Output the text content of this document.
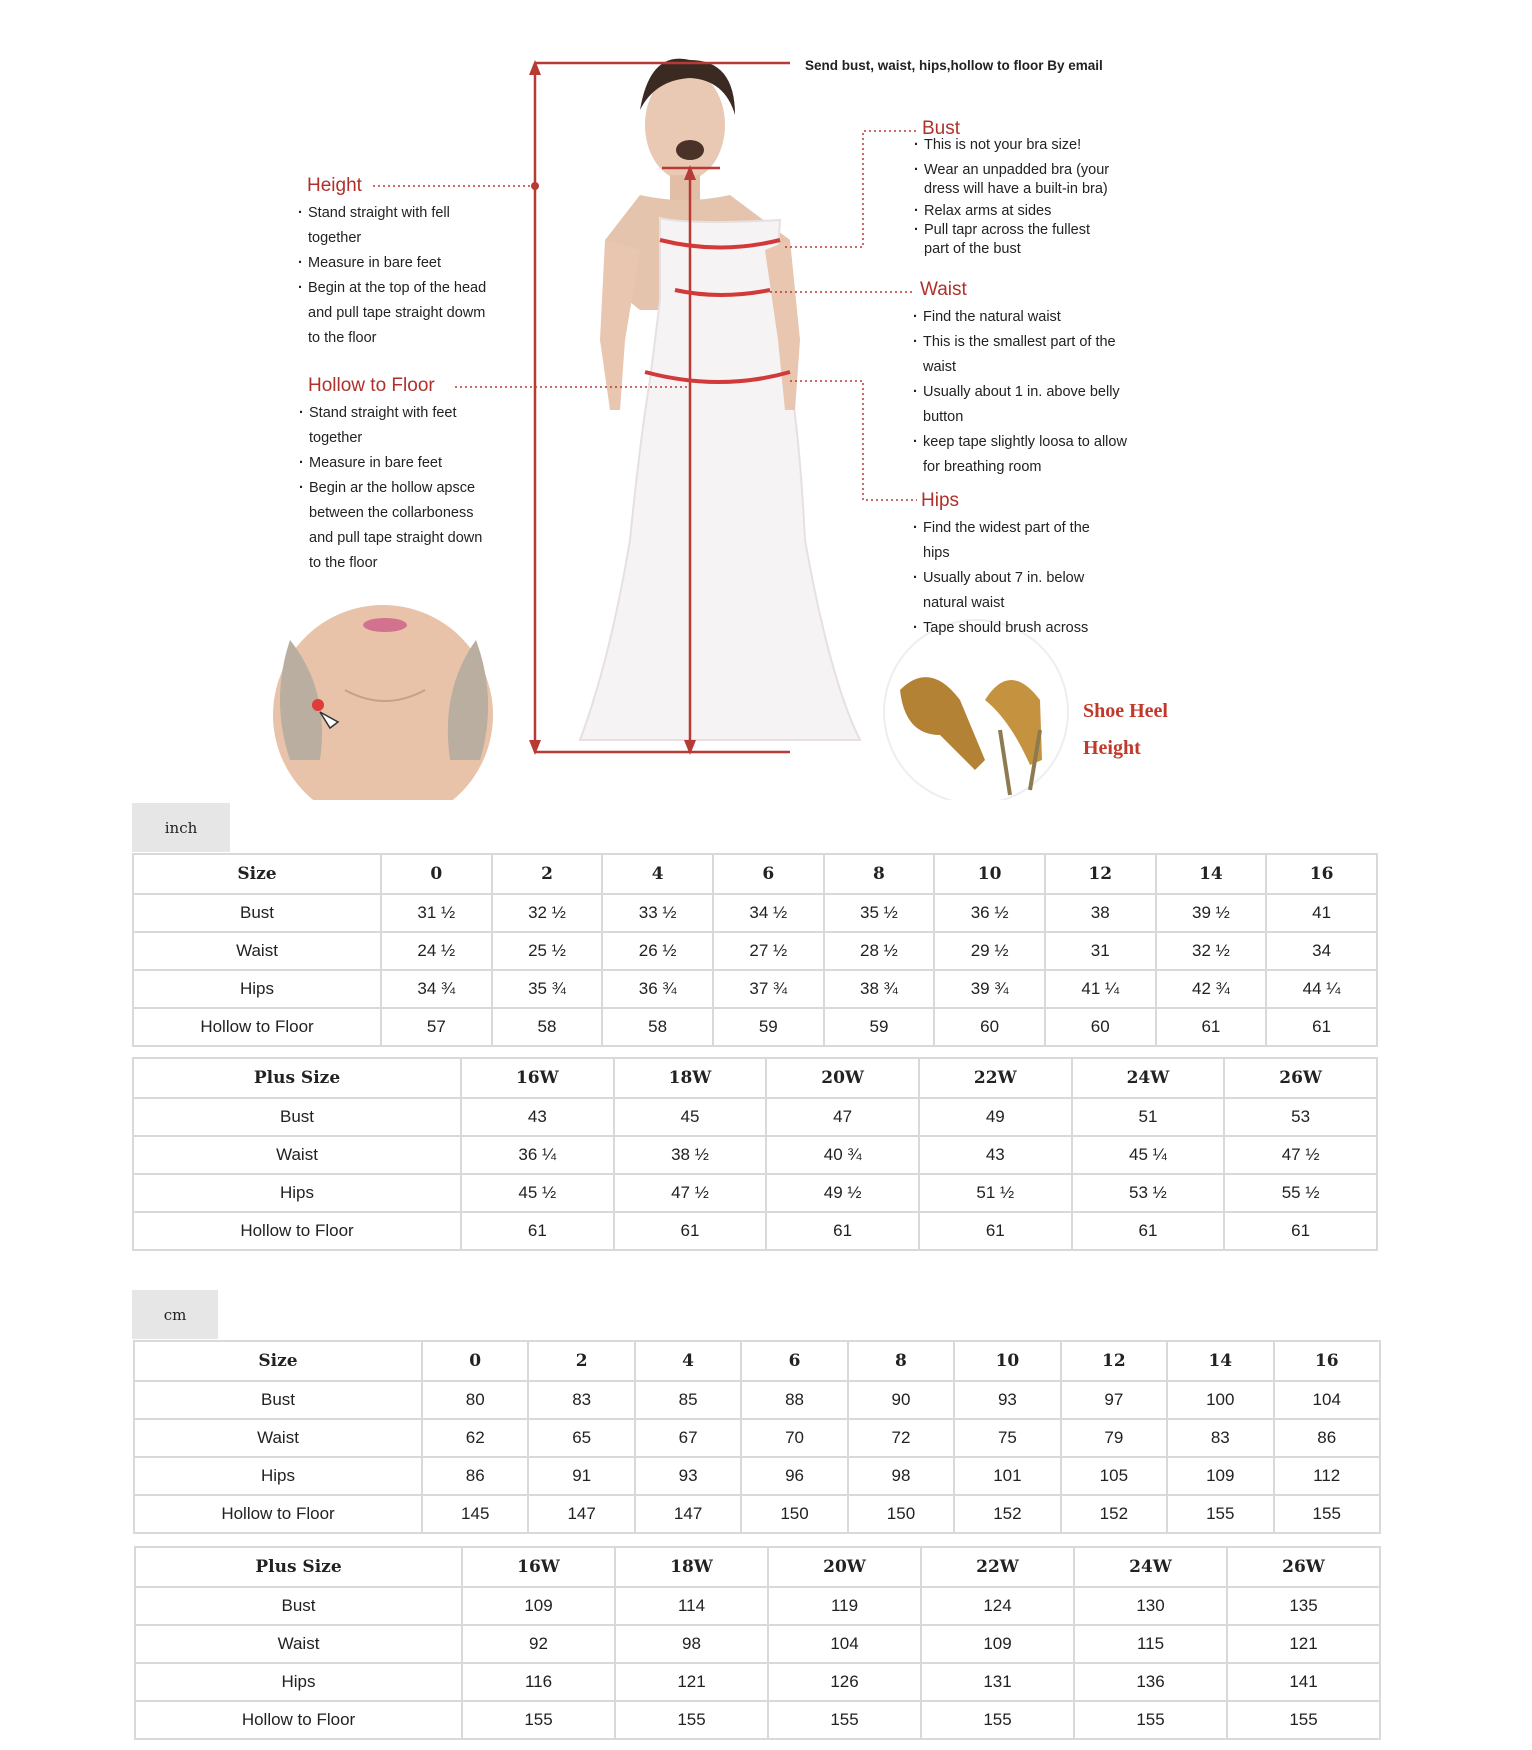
Send bust, waist, hips,hollow to floor By email
Height
· Stand straight with fell
together
· Measure in bare feet
· Begin at the top of the head
and pull tape straight dowm
to the floor
Hollow to Floor
· Stand straight with feet
together
· Measure in bare feet
· Begin ar the hollow apsce
between the collarboness
and pull tape straight down
to the floor
Bust
· This is not your bra size!
· Wear an unpadded bra (your
dress will have a built-in bra)
· Relax arms at sides
· Pull tapr across the fullest
part of the bust
Waist
· Find the natural waist
· This is the smallest part of the
waist
· Usually about 1 in. above belly
button
· keep tape slightly loosa to allow
for breathing room
Hips
· Find the widest part of the
hips
· Usually about 7 in. below
natural waist
· Tape should brush across
Shoe Heel
Height
inch
Size	0	2	4	6	8	10	12	14	16
Bust	31 ½	32 ½	33 ½	34 ½	35 ½	36 ½	38	39 ½	41
Waist	24 ½	25 ½	26 ½	27 ½	28 ½	29 ½	31	32 ½	34
Hips	34 ¾	35 ¾	36 ¾	37 ¾	38 ¾	39 ¾	41 ¼	42 ¾	44 ¼
Hollow to Floor	57	58	58	59	59	60	60	61	61
Plus Size	16W	18W	20W	22W	24W	26W
Bust	43	45	47	49	51	53
Waist	36 ¼	38 ½	40 ¾	43	45 ¼	47 ½
Hips	45 ½	47 ½	49 ½	51 ½	53 ½	55 ½
Hollow to Floor	61	61	61	61	61	61
cm
Size	0	2	4	6	8	10	12	14	16
Bust	80	83	85	88	90	93	97	100	104
Waist	62	65	67	70	72	75	79	83	86
Hips	86	91	93	96	98	101	105	109	112
Hollow to Floor	145	147	147	150	150	152	152	155	155
Plus Size	16W	18W	20W	22W	24W	26W
Bust	109	114	119	124	130	135
Waist	92	98	104	109	115	121
Hips	116	121	126	131	136	141
Hollow to Floor	155	155	155	155	155	155
